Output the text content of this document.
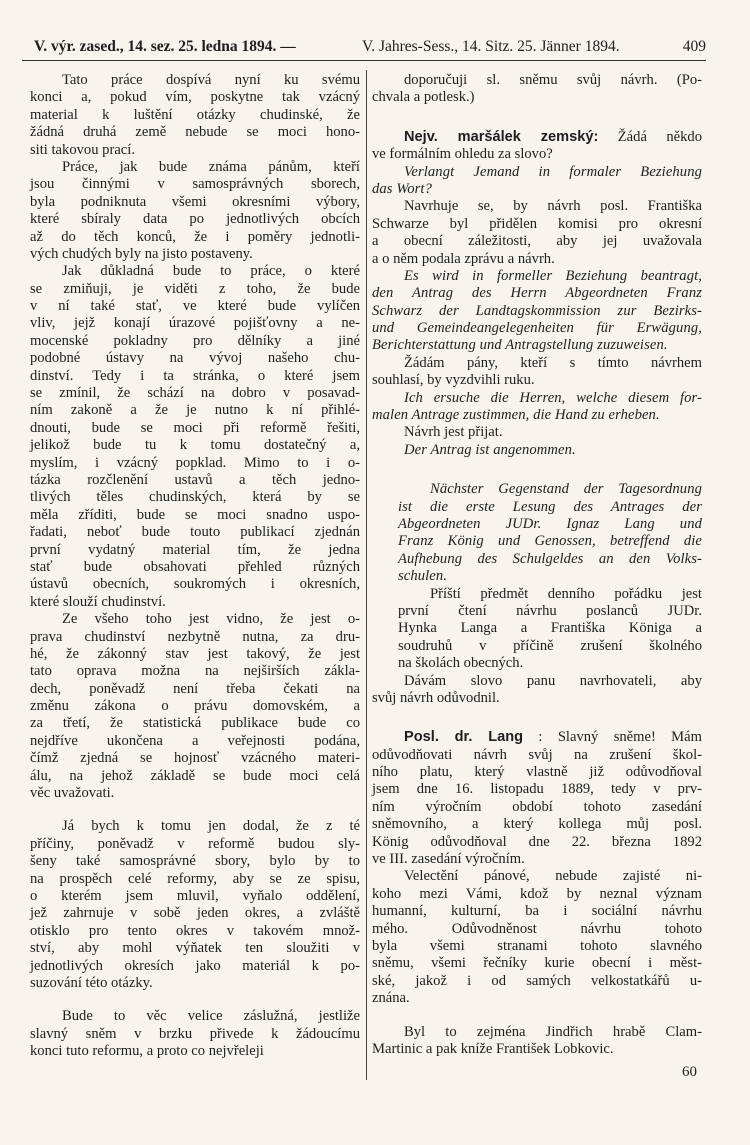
V. výr. zased., 14. sez. 25. ledna 1894. —	V. Jahres-Sess., 14. Sitz. 25. Jänner 1894.	409
Tato práce dospívá nyní ku svému
konci a, pokud vím, poskytne tak vzácný
material k luštění otázky chudinské, že
žádná druhá země nebude se moci hono-
siti takovou prací.
Práce, jak bude známa pánům, kteří
jsou činnými v samosprávných sborech,
byla podniknuta všemi okresními výbory,
které sbíraly data po jednotlivých obcích
až do těch konců, že i poměry jednotli-
vých chudých byly na jisto postaveny.
Jak důkladná bude to práce, o které
se zmiňuji, je viděti z toho, že bude
v ní také stať, ve které bude vylíčen
vliv, jejž konají úrazové pojišťovny a ne-
mocenské pokladny pro dělníky a jiné
podobné ústavy na vývoj našeho chu-
dinství. Tedy i ta stránka, o které jsem
se zmínil, že schází na dobro v posavad-
ním zakoně a že je nutno k ní přihlé-
dnouti, bude se moci při reformě řešiti,
jelikož bude tu k tomu dostatečný a,
myslím, i vzácný popklad. Mimo to i o-
tázka rozčlenění ustavů a těch jedno-
tlivých těles chudinských, která by se
měla zříditi, bude se moci snadno uspo-
řadati, neboť bude touto publikací zjednán
první vydatný material tím, že jedna
stať bude obsahovati přehled různých
ústavů obecních, soukromých i okresních,
které slouží chudinství.
Ze všeho toho jest vidno, že jest o-
prava chudinství nezbytně nutna, za dru-
hé, že zákonný stav jest takový, že jest
tato oprava možna na nejširších zákla-
dech, poněvadž není třeba čekati na
změnu zákona o právu domovském, a
za třetí, že statistická publikace bude co
nejdříve ukončena a veřejnosti podána,
čímž zjedná se hojnosť vzácného materi-
álu, na jehož základě se bude moci celá
věc uvažovati.
Já bych k tomu jen dodal, že z té
příčiny, poněvadž v reformě budou sly-
šeny také samosprávné sbory, bylo by to
na prospěch celé reformy, aby se ze spisu,
o kterém jsem mluvil, vyňalo oddělení,
jež zahrnuje v sobě jeden okres, a zvláště
otisklo pro tento okres v takovém množ-
ství, aby mohl výňatek ten sloužiti v
jednotlivých okresích jako materiál k po-
suzování této otázky.
Bude to věc velice záslužná, jestliže
slavný sněm v brzku přivede k žádoucímu
konci tuto reformu, a proto co nejvřeleji
doporučuji sl. sněmu svůj návrh. (Po-
chvala a potlesk.)
Nejv. maršálek zemský: Žádá někdo
ve formálním ohledu za slovo?
Verlangt Jemand in formaler Beziehung
das Wort?
Navrhuje se, by návrh posl. Františka
Schwarze byl přidělen komisi pro okresní
a obecní záležitosti, aby jej uvažovala
a o něm podala zprávu a návrh.
Es wird in formeller Beziehung beantragt,
den Antrag des Herrn Abgeordneten Franz
Schwarz der Landtagskommission zur Bezirks-
und Gemeindeangelegenheiten für Erwägung,
Berichterstattung und Antragstellung zuzuweisen.
Žádám pány, kteří s tímto návrhem
souhlasí, by vyzdvihli ruku.
Ich ersuche die Herren, welche diesem for-
malen Antrage zustimmen, die Hand zu erheben.
Návrh jest přijat.
Der Antrag ist angenommen.
Nächster Gegenstand der Tagesordnung
ist die erste Lesung des Antrages der
Abgeordneten JUDr. Ignaz Lang und
Franz König und Genossen, betreffend die
Aufhebung des Schulgeldes an den Volks-
schulen.
Příští předmět denního pořádku jest
první čtení návrhu poslanců JUDr.
Hynka Langa a Františka Königa a
soudruhů v příčině zrušení školného
na školách obecných.
Dávám slovo panu navrhovateli, aby
svůj návrh odůvodnil.
Posl. dr. Lang : Slavný sněme! Mám
odůvodňovati návrh svůj na zrušení škol-
ního platu, který vlastně již odůvodňoval
jsem dne 16. listopadu 1889, tedy v prv-
ním výročním období tohoto zasedání
sněmovního, a který kollega můj posl.
König odůvodňoval dne 22. března 1892
ve III. zasedání výročním.
Velectění pánové, nebude zajisté ni-
koho mezi Vámi, kdož by neznal význam
humanní, kulturní, ba i sociální návrhu
mého. Odůvodněnost návrhu tohoto
byla všemi stranami tohoto slavného
sněmu, všemi řečníky kurie obecní i měst-
ské, jakož i od samých velkostatkářů u-
znána.
Byl to zejména Jindřich hrabě Clam-
Martinic a pak kníže František Lobkovic.
60
